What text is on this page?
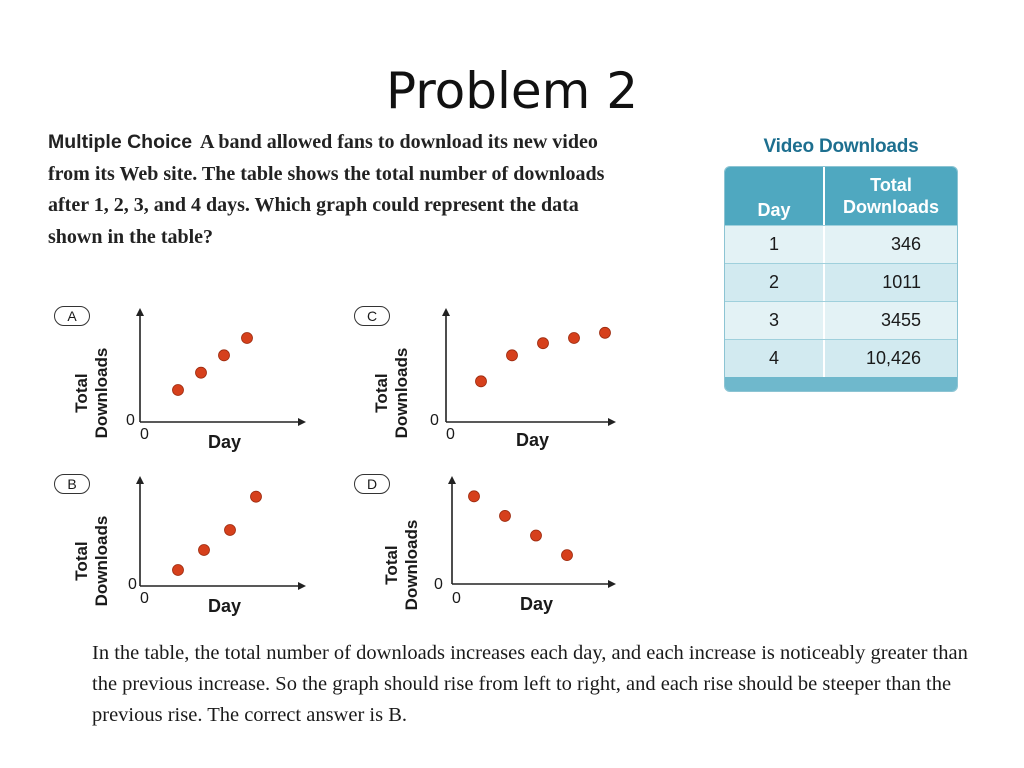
Problem 2
Multiple Choice A band allowed fans to download its new video from its Web site. The table shows the total number of downloads after 1, 2, 3, and 4 days. Which graph could represent the data shown in the table?
Video Downloads
Day
Total
Downloads
1	346
2	1011
3	3455
4	10,426
A
Total
Downloads 0
0	Day
C
Total
Downloads 0
0	Day
B
Total
Downloads 0
0	Day
D
Total
Downloads 0
0	Day
In the table, the total number of downloads increases each day, and each increase is noticeably greater than the previous increase. So the graph should rise from left to right, and each rise should be steeper than the previous rise. The correct answer is B.
